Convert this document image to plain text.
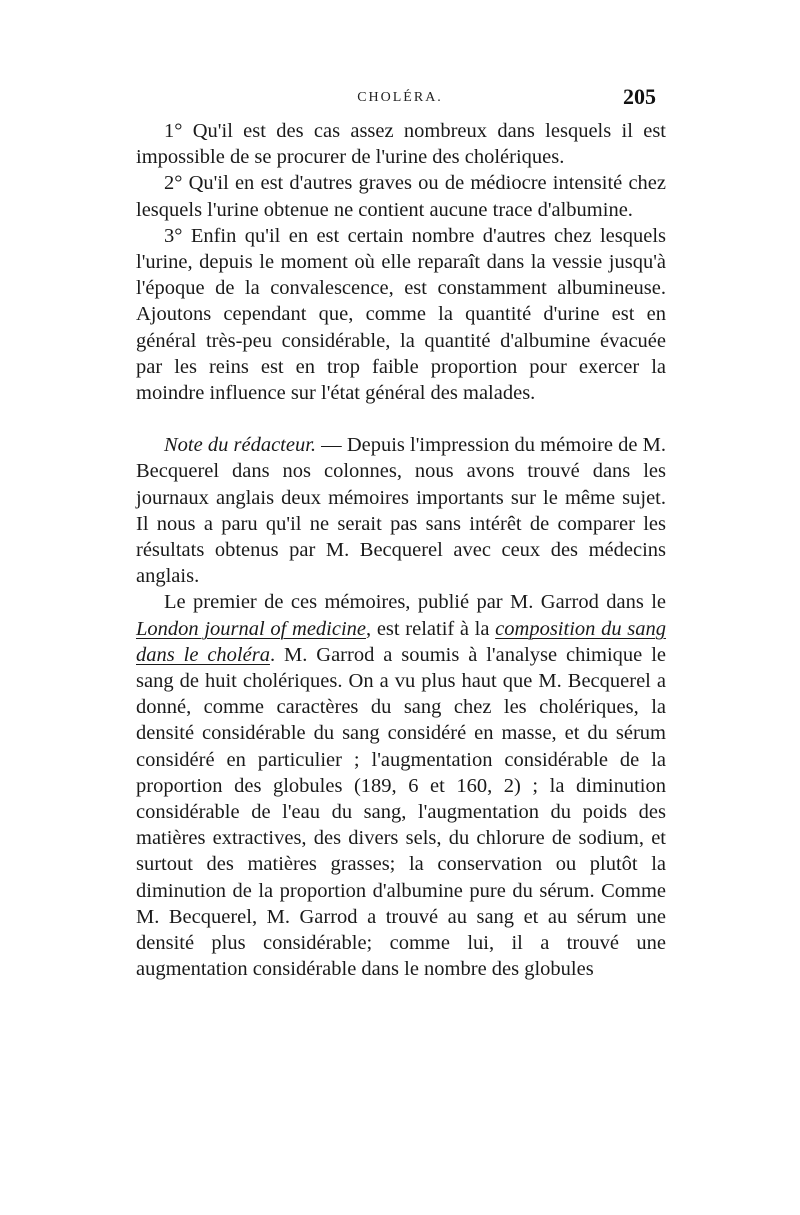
CHOLÉRA.	205

1° Qu'il est des cas assez nombreux dans lesquels il est impossible de se procurer de l'urine des cholériques.

2° Qu'il en est d'autres graves ou de médiocre intensité chez lesquels l'urine obtenue ne contient aucune trace d'albumine.

3° Enfin qu'il en est certain nombre d'autres chez lesquels l'urine, depuis le moment où elle reparaît dans la vessie jusqu'à l'époque de la convalescence, est constamment albumineuse. Ajoutons cependant que, comme la quantité d'urine est en général très-peu considérable, la quantité d'albumine évacuée par les reins est en trop faible proportion pour exercer la moindre influence sur l'état général des malades.

Note du rédacteur. — Depuis l'impression du mémoire de M. Becquerel dans nos colonnes, nous avons trouvé dans les journaux anglais deux mémoires importants sur le même sujet. Il nous a paru qu'il ne serait pas sans intérêt de comparer les résultats obtenus par M. Becquerel avec ceux des médecins anglais.

Le premier de ces mémoires, publié par M. Garrod dans le London journal of medicine, est relatif à la composition du sang dans le choléra. M. Garrod a soumis à l'analyse chimique le sang de huit cholériques. On a vu plus haut que M. Becquerel a donné, comme caractères du sang chez les cholériques, la densité considérable du sang considéré en masse, et du sérum considéré en particulier ; l'augmentation considérable de la proportion des globules (189, 6 et 160, 2) ; la diminution considérable de l'eau du sang, l'augmentation du poids des matières extractives, des divers sels, du chlorure de sodium, et surtout des matières grasses; la conservation ou plutôt la diminution de la proportion d'albumine pure du sérum. Comme M. Becquerel, M. Garrod a trouvé au sang et au sérum une densité plus considérable; comme lui, il a trouvé une augmentation considérable dans le nombre des globules
